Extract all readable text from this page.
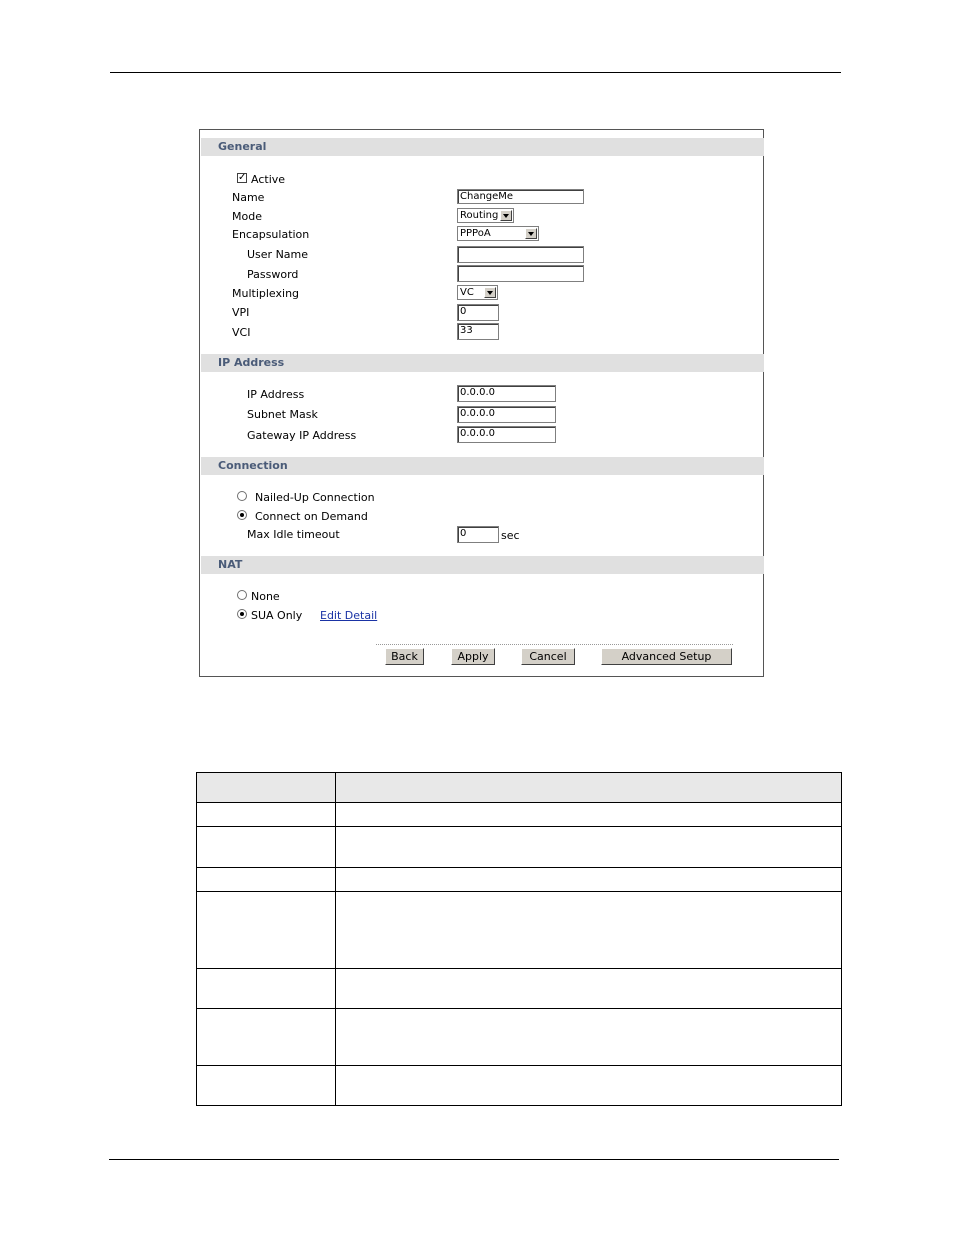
General
✓ Active
Name	ChangeMe
Mode	Routing
Encapsulation	PPPoA
User Name
Password
Multiplexing	VC
VPI	0
VCI	33
IP Address
IP Address	0.0.0.0
Subnet Mask	0.0.0.0
Gateway IP Address	0.0.0.0
Connection
Nailed-Up Connection
Connect on Demand
Max Idle timeout	0	sec
NAT
None
SUA Only Edit Detail
Back	Apply	Cancel	Advanced Setup
